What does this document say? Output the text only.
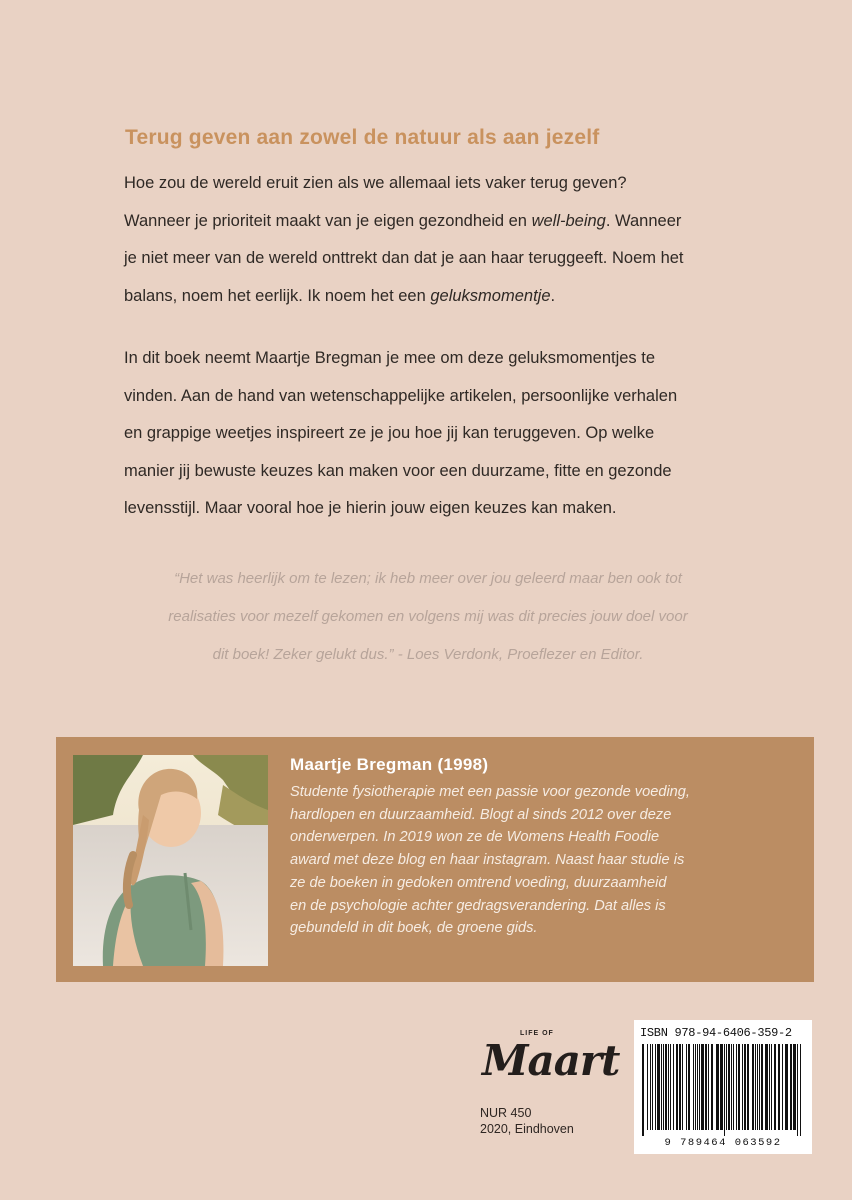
Terug geven aan zowel de natuur als aan jezelf
Hoe zou de wereld eruit zien als we allemaal iets vaker terug geven?
Wanneer je prioriteit maakt van je eigen gezondheid en well-being. Wanneer
je niet meer van de wereld onttrekt dan dat je aan haar teruggeeft. Noem het
balans, noem het eerlijk. Ik noem het een geluksmomentje.
In dit boek neemt Maartje Bregman je mee om deze geluksmomentjes te
vinden. Aan de hand van wetenschappelijke artikelen, persoonlijke verhalen
en grappige weetjes inspireert ze je jou hoe jij kan teruggeven. Op welke
manier jij bewuste keuzes kan maken voor een duurzame, fitte en gezonde
levensstijl. Maar vooral hoe je hierin jouw eigen keuzes kan maken.
“Het was heerlijk om te lezen; ik heb meer over jou geleerd maar ben ook tot
realisaties voor mezelf gekomen en volgens mij was dit precies jouw doel voor
dit boek! Zeker gelukt dus.” - Loes Verdonk, Proeflezer en Editor.
Maartje Bregman (1998)
Studente fysiotherapie met een passie voor gezonde voeding,
hardlopen en duurzaamheid. Blogt al sinds 2012 over deze
onderwerpen. In 2019 won ze de Womens Health Foodie
award met deze blog en haar instagram. Naast haar studie is
ze de boeken in gedoken omtrend voeding, duurzaamheid
en de psychologie achter gedragsverandering. Dat alles is
gebundeld in dit boek, de groene gids.
LIFE OF
Maart
NUR 450
2020, Eindhoven
ISBN 978-94-6406-359-2
9 789464 063592
